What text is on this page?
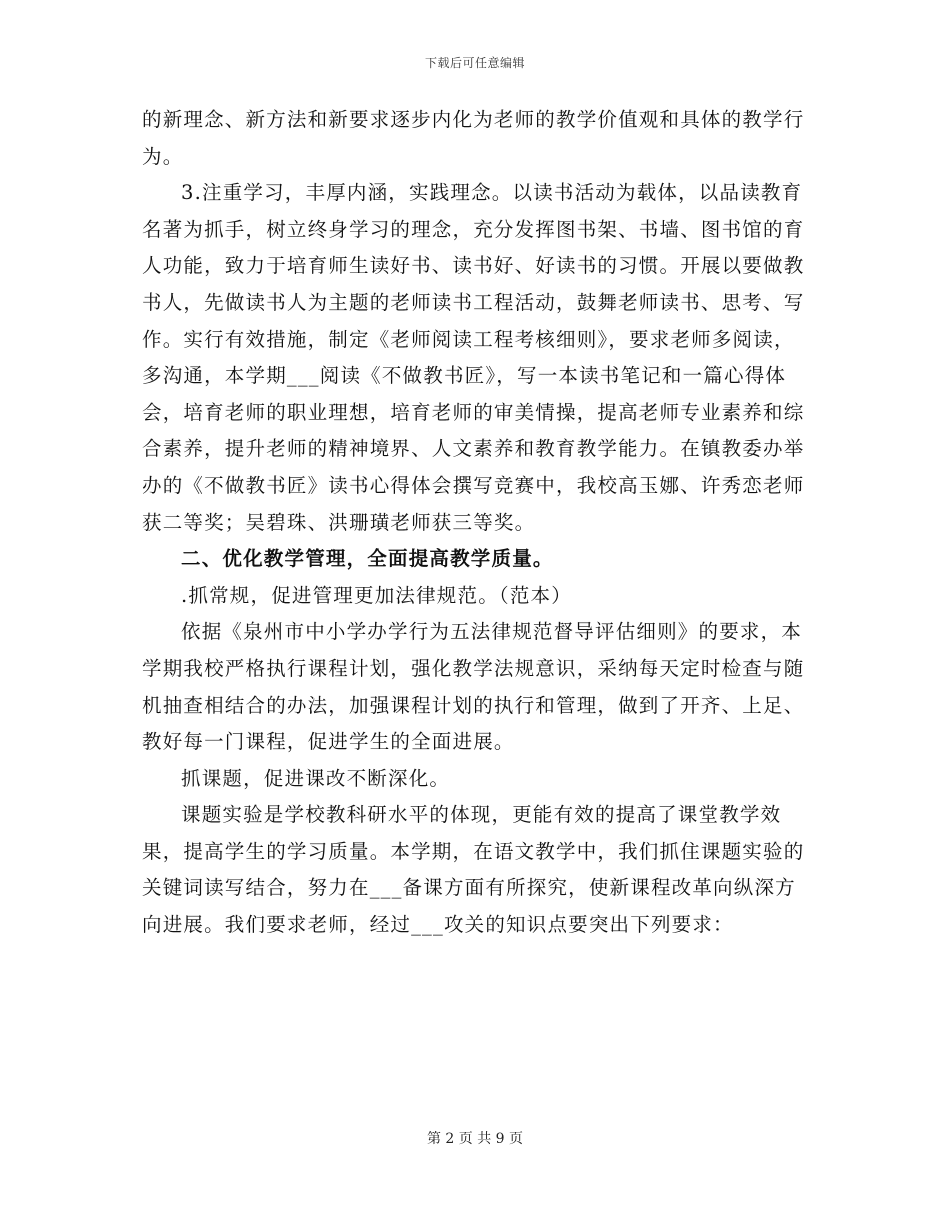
下载后可任意编辑

的新理念、新方法和新要求逐步内化为老师的教学价值观和具体的教学行为。

3.注重学习，丰厚内涵，实践理念。以读书活动为载体，以品读教育名著为抓手，树立终身学习的理念，充分发挥图书架、书墙、图书馆的育人功能，致力于培育师生读好书、读书好、好读书的习惯。开展以要做教书人，先做读书人为主题的老师读书工程活动，鼓舞老师读书、思考、写作。实行有效措施，制定《老师阅读工程考核细则》，要求老师多阅读，多沟通，本学期___阅读《不做教书匠》，写一本读书笔记和一篇心得体会，培育老师的职业理想，培育老师的审美情操，提高老师专业素养和综合素养，提升老师的精神境界、人文素养和教育教学能力。在镇教委办举办的《不做教书匠》读书心得体会撰写竞赛中，我校高玉娜、许秀恋老师获二等奖；吴碧珠、洪珊璜老师获三等奖。

二、优化教学管理，全面提高教学质量。

.抓常规，促进管理更加法律规范。（范本）

依据《泉州市中小学办学行为五法律规范督导评估细则》的要求，本学期我校严格执行课程计划，强化教学法规意识，采纳每天定时检查与随机抽查相结合的办法，加强课程计划的执行和管理，做到了开齐、上足、教好每一门课程，促进学生的全面进展。

抓课题，促进课改不断深化。

课题实验是学校教科研水平的体现，更能有效的提高了课堂教学效果，提高学生的学习质量。本学期，在语文教学中，我们抓住课题实验的关键词读写结合，努力在___备课方面有所探究，使新课程改革向纵深方向进展。我们要求老师，经过___攻关的知识点要突出下列要求：

第 2 页 共 9 页
